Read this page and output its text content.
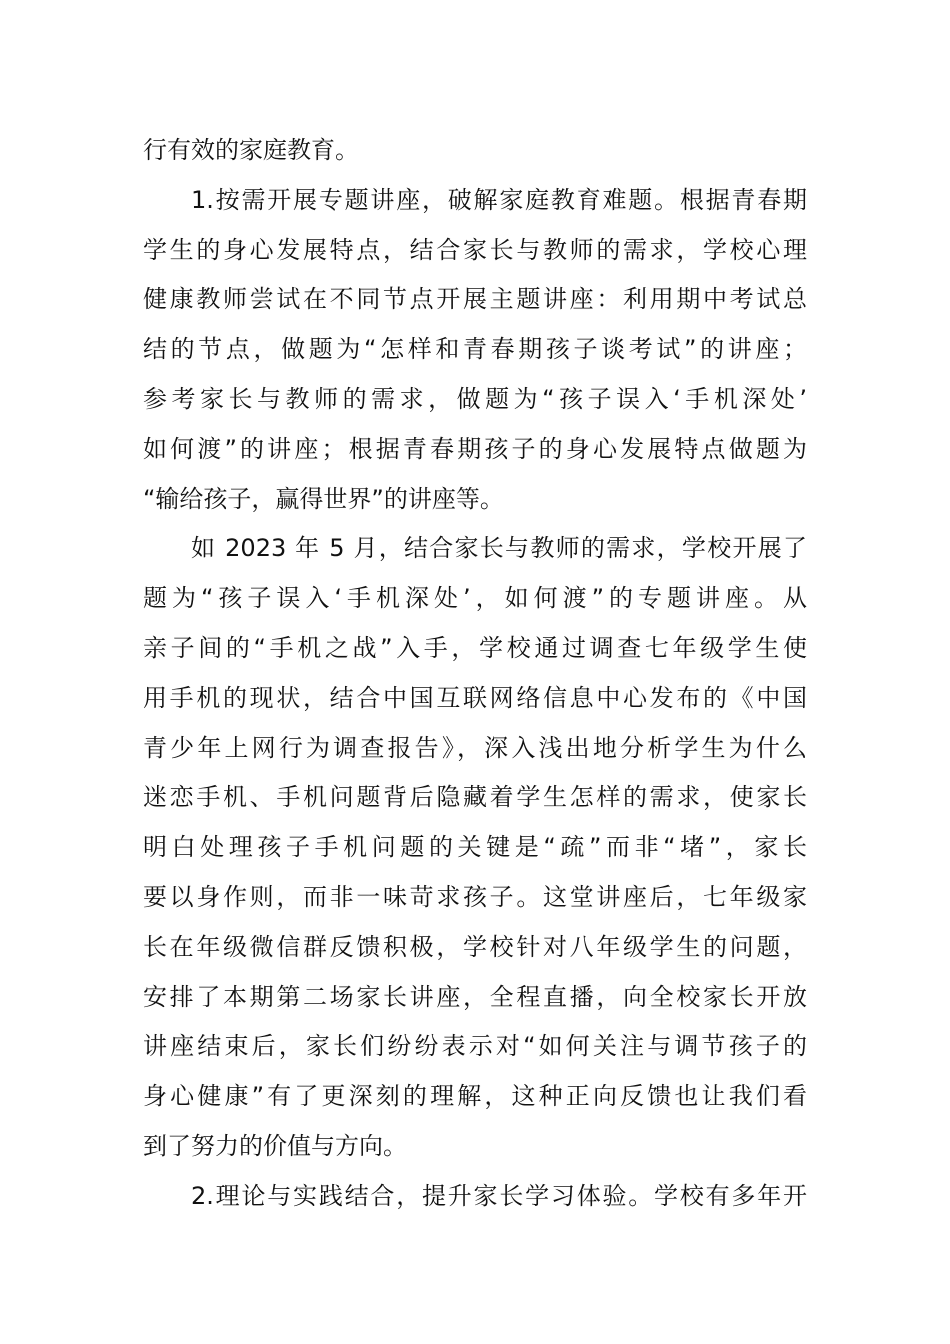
行有效的家庭教育。
1.按需开展专题讲座，破解家庭教育难题。根据青春期
学生的身心发展特点，结合家长与教师的需求，学校心理
健康教师尝试在不同节点开展主题讲座：利用期中考试总
结的节点，做题为“怎样和青春期孩子谈考试”的讲座；
参考家长与教师的需求，做题为“孩子误入‘手机深处’
如何渡”的讲座；根据青春期孩子的身心发展特点做题为
“输给孩子，赢得世界”的讲座等。
如 2023 年 5 月，结合家长与教师的需求，学校开展了
题为“孩子误入‘手机深处’，如何渡”的专题讲座。从
亲子间的“手机之战”入手，学校通过调查七年级学生使
用手机的现状，结合中国互联网络信息中心发布的《中国
青少年上网行为调查报告》，深入浅出地分析学生为什么
迷恋手机、手机问题背后隐藏着学生怎样的需求，使家长
明白处理孩子手机问题的关键是“疏”而非“堵”，家长
要以身作则，而非一味苛求孩子。这堂讲座后，七年级家
长在年级微信群反馈积极，学校针对八年级学生的问题，
安排了本期第二场家长讲座，全程直播，向全校家长开放
讲座结束后，家长们纷纷表示对“如何关注与调节孩子的
身心健康”有了更深刻的理解，这种正向反馈也让我们看
到了努力的价值与方向。
2.理论与实践结合，提升家长学习体验。学校有多年开
